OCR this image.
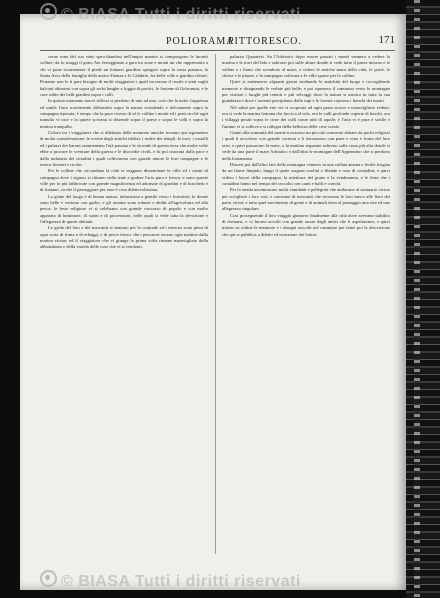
© BIASA Tutti i diritti riservati
POLIORAMA
PITTORESCO.	171

cerne sono del suo stato specchiandosi nell'ampio marino si compongono le lucenti colline; da lo irraggi il grato Aer festeggiante a gara tra zone e monti un che rappresenta a chi vi pone sicuramente il piede un lontano giardino spiegato sopra la vasta pianura, la Santa Arca della famiglia della antica Faenza e le Calabrie, fra belle ville e giardini olivati. Pertanto non lo ti pare bisogno di molti viaggiatori i quali trovarono il casale e tanti vaghi balconi altissimi con sopra gli archi lunghe a foggia di portici, le fontane di Gelsomini, e le care salite dei belli giardini sopra i colli.

In questo momento nuovi riflessi si perdono di uno ad uno, così che la notte s'appressa ed umile l'aria soavemente diffondesi sopra la natura scendendo e dolcemente sopra la campagna riposata; è tempo che la pace riveste di sé le colline i monti ed i prati sicché ogni tumulto vi tace e la quiete sovrana si distende sopra il paese e sopra le valli e sopra la marina tranquilla.

Coloro tra i viaggiatori che si dilettano delle memorie antiche trovano qui argomento di molta considerazione; le rovine degli antichi edifizi, i ruderi dei templi, le torri, i castelli ed i palazzi dei baroni rammentano l'età passata e le vicende di questa terra che molte volte ebbe a provare le sventure della guerra e le discordie civili, e fu poi ristorata dalla pace e dalla industria dei cittadini i quali coltivarono con grande amore le loro campagne e le resero fiorenti e ricche.

Per le colline che circondano la città si veggono disseminate le ville ed i casini di campagna dove i signori si ritirano nella state a godere l'aria pura e fresca; e sono queste ville per lo più fabbricate con grande magnificenza ed adornate di giardini e di boschetti e di fontane, sicché il passeggiare per esse è cosa dilettevolissima.

La gente del luogo è di buona natura, industriosa e gentile verso i forestieri; le donne sono belle e vestono con garbo, e gli uomini sono robusti e dediti all'agricoltura ed alla pesca; le feste religiose vi si celebrano con grande concorso di popolo e con molto apparato di luminarie, di suoni e di processioni, nelle quali si vede tutta la devozione e l'allegrezza di questi abitanti.

Le grida del loro e dei mercanti si sentono per le contrade ed i mercati sono pieni di ogni sorta di frutta e di erbaggi, e di pesce fresco che i pescatori recano ogni mattina dalla marina vicina; ed il viaggiatore che vi giunge la prima volta rimane maravigliato della abbondanza e della varietà delle cose che vi si vendono.

palazzo Quaratesi. Su l'Adriatico dopo essere passati i monti vennero a vedere la marina e le torri del lido e salirono poi sulle alture donde si vede tutto il paese intorno e le vallate e i fiumi che scendono al mare; e videro le antiche mura della città, le porte, le chiese e le piazze, e la campagna coltivata e le ville sparse per le colline.

Quivi si trattennero alquanti giorni studiando le antichità del luogo e raccogliendo memorie e disegnando le vedute più belle; e poi ripresero il cammino verso le montagne per visitare i luoghi più remoti e più selvaggi dove la natura si mostra in tutta la sua grandezza e dove i torrenti precipitano dalle rupi e le foreste coprono i fianchi dei monti.

Nel salire per quelle erte vie si scoprono ad ogni passo nuove e maravigliose vedute; ora si vede la marina lontana che luccica al sole, ora le valli profonde coperte di boschi, ora i villaggi posati sopra le cime dei colli come nidi di aquile; e l'aria vi è pura e sottile e l'animo vi si solleva e si rallegra della bellezza delle cose create.

Giunti alla sommità del monte trovarono un piccolo convento abitato da pochi religiosi i quali li accolsero con grande cortesia e li ristorarono con pane e vino e frutta del loro orto; e quivi passarono la notte, e la mattina seguente salirono sulla cima più alta donde si vede da una parte il mare Adriatico e dall'altra le montagne dell'Appennino che si perdono nella lontananza.

Discesi poi dall'altro lato della montagna vennero in una vallata amena e fertile irrigata da un fiume limpido, lungo il quale sorgono molini e filande e case di contadini; e quivi videro i lavori della campagna, la mietitura del grano e la vendemmia, e le feste che i contadini fanno nel tempo del raccolto con canti e balli e conviti.

Per la strada incontrarono molti viandanti e pellegrini che andavano al santuario vicino per sciogliere i loro voti, e carovane di mercanti che recavano le loro merci alle fiere dei paesi vicini; e tutto quel movimento di gente e di animali dava al paesaggio una vita ed una allegrezza singolare.

Così proseguendo il loro viaggio giunsero finalmente alla città dove avevano stabilito di fermarsi, e vi furono accolti con grande onore dagli amici che li aspettavano; e quivi misero in ordine le memorie e i disegni raccolti nel cammino per farne poi la descrizione che qui si pubblica a diletto ed istruzione dei lettori.

© BIASA Tutti i diritti riservati
